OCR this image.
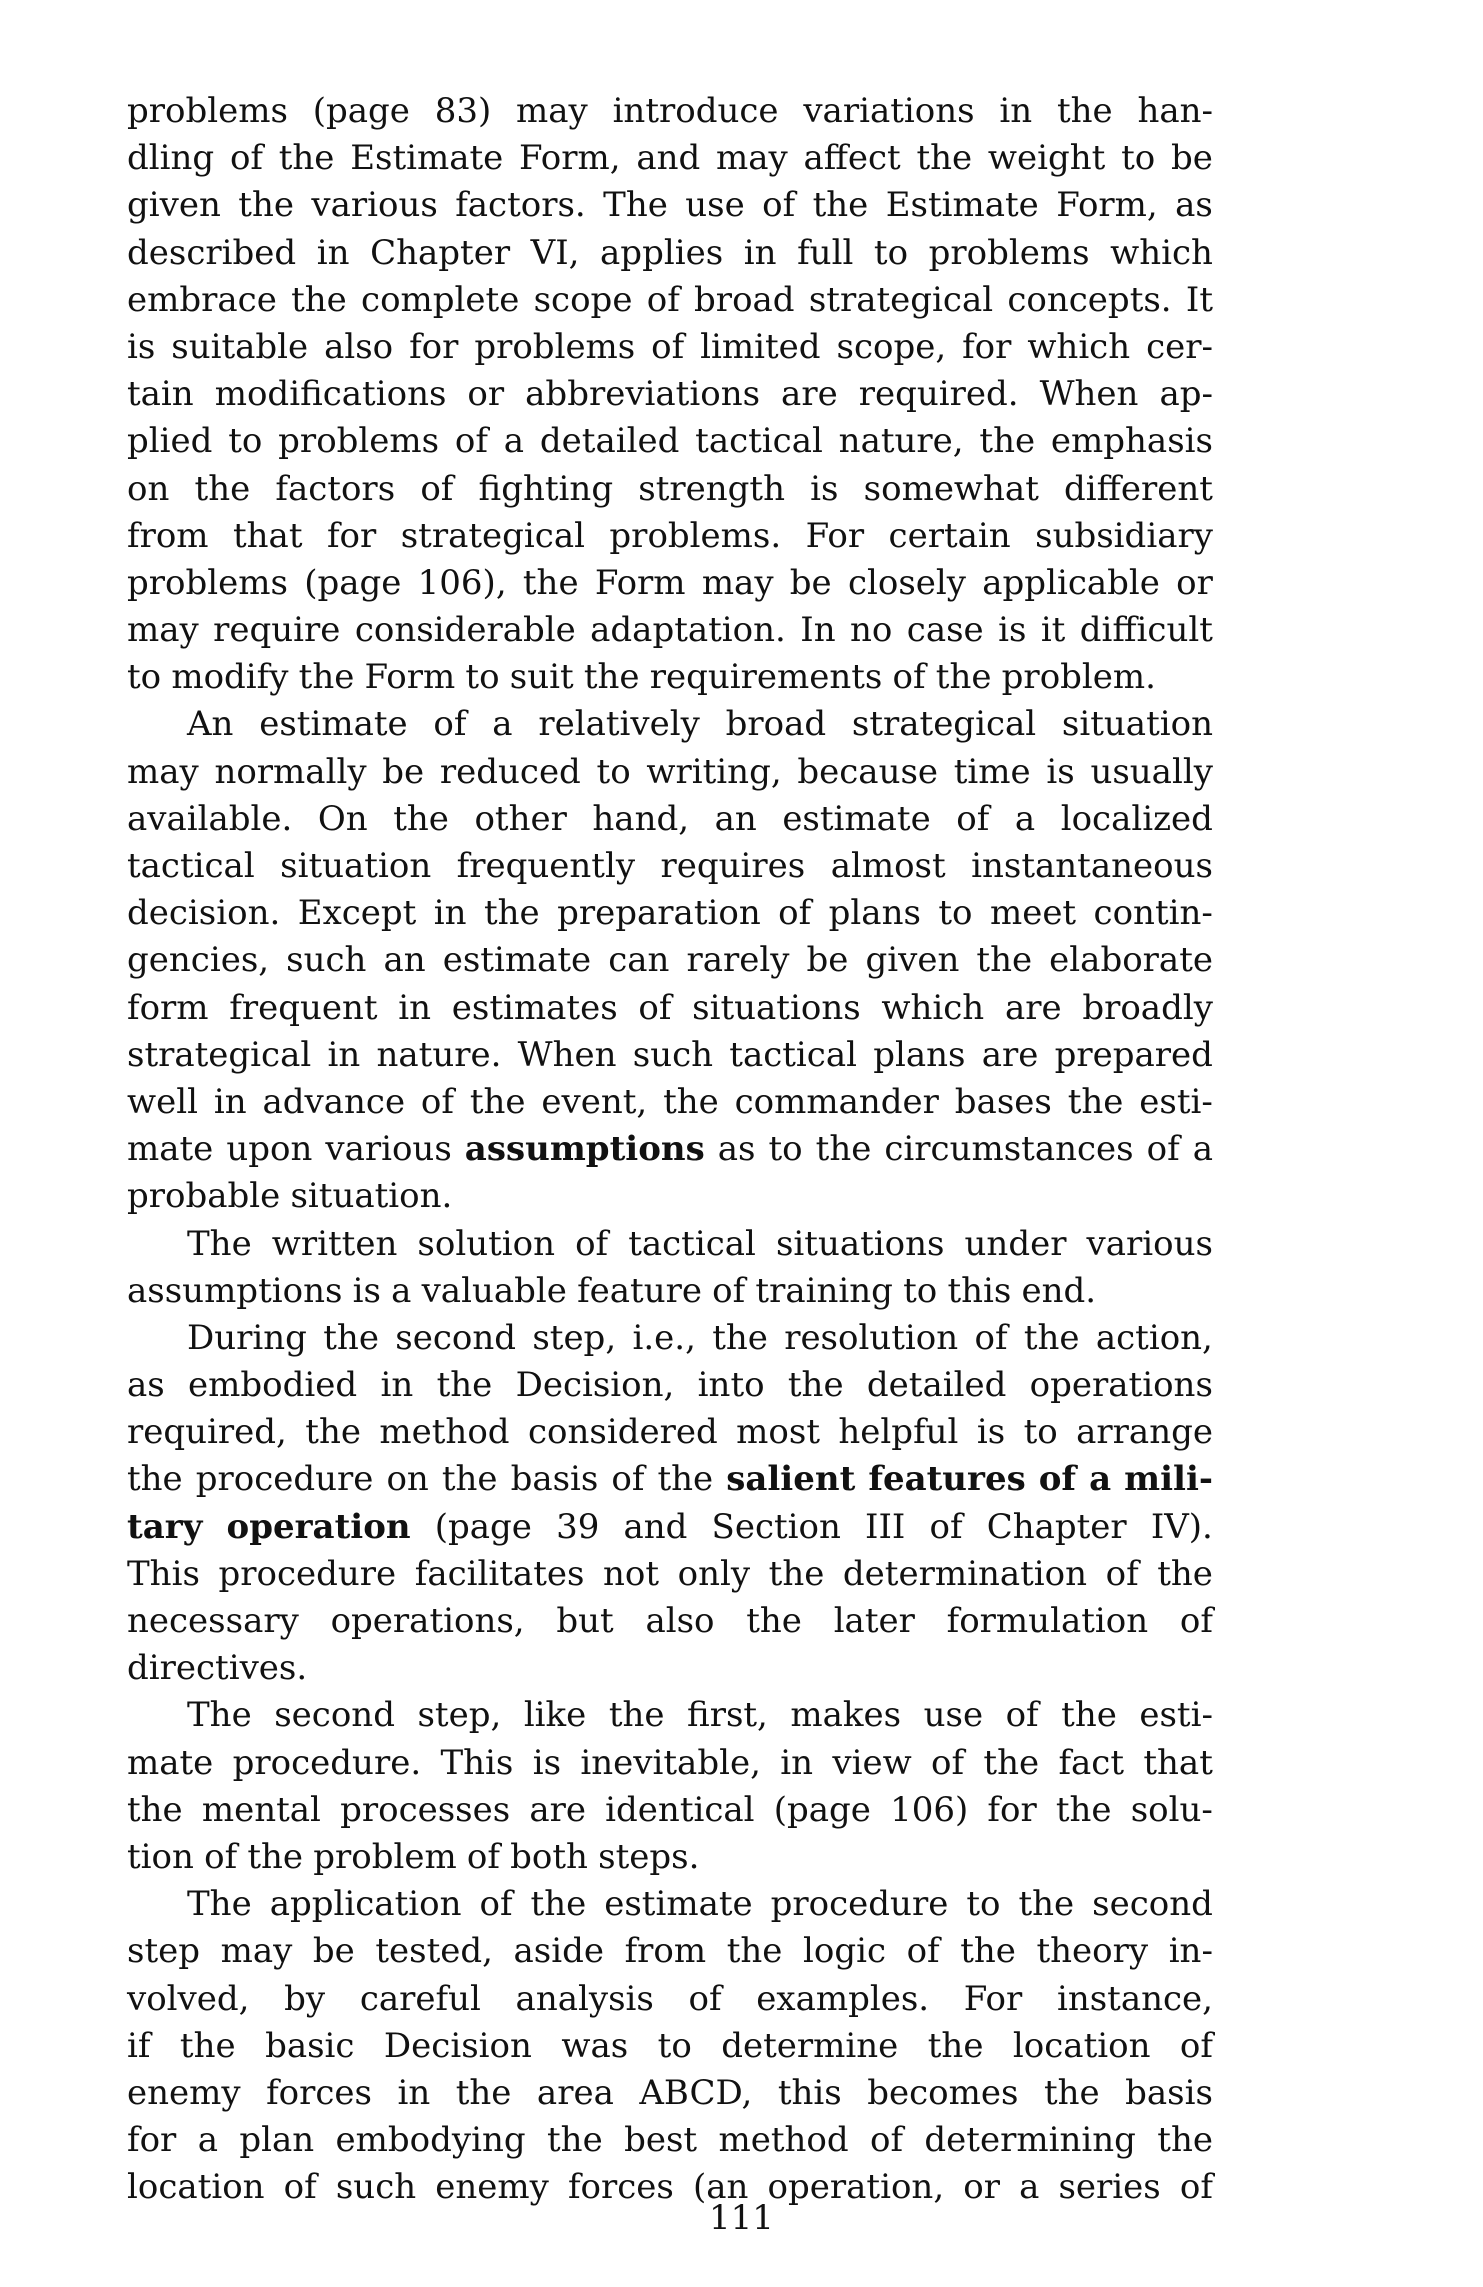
problems (page 83) may introduce variations in the han-
dling of the Estimate Form, and may affect the weight to be
given the various factors. The use of the Estimate Form, as
described in Chapter VI, applies in full to problems which
embrace the complete scope of broad strategical concepts. It
is suitable also for problems of limited scope, for which cer-
tain modifications or abbreviations are required. When ap-
plied to problems of a detailed tactical nature, the emphasis
on the factors of fighting strength is somewhat different
from that for strategical problems. For certain subsidiary
problems (page 106), the Form may be closely applicable or
may require considerable adaptation. In no case is it difficult
to modify the Form to suit the requirements of the problem.
An estimate of a relatively broad strategical situation
may normally be reduced to writing, because time is usually
available. On the other hand, an estimate of a localized
tactical situation frequently requires almost instantaneous
decision. Except in the preparation of plans to meet contin-
gencies, such an estimate can rarely be given the elaborate
form frequent in estimates of situations which are broadly
strategical in nature. When such tactical plans are prepared
well in advance of the event, the commander bases the esti-
mate upon various assumptions as to the circumstances of a
probable situation.
The written solution of tactical situations under various
assumptions is a valuable feature of training to this end.
During the second step, i.e., the resolution of the action,
as embodied in the Decision, into the detailed operations
required, the method considered most helpful is to arrange
the procedure on the basis of the salient features of a mili-
tary operation (page 39 and Section III of Chapter IV).
This procedure facilitates not only the determination of the
necessary operations, but also the later formulation of
directives.
The second step, like the first, makes use of the esti-
mate procedure. This is inevitable, in view of the fact that
the mental processes are identical (page 106) for the solu-
tion of the problem of both steps.
The application of the estimate procedure to the second
step may be tested, aside from the logic of the theory in-
volved, by careful analysis of examples. For instance,
if the basic Decision was to determine the location of
enemy forces in the area ABCD, this becomes the basis
for a plan embodying the best method of determining the
location of such enemy forces (an operation, or a series of
111
